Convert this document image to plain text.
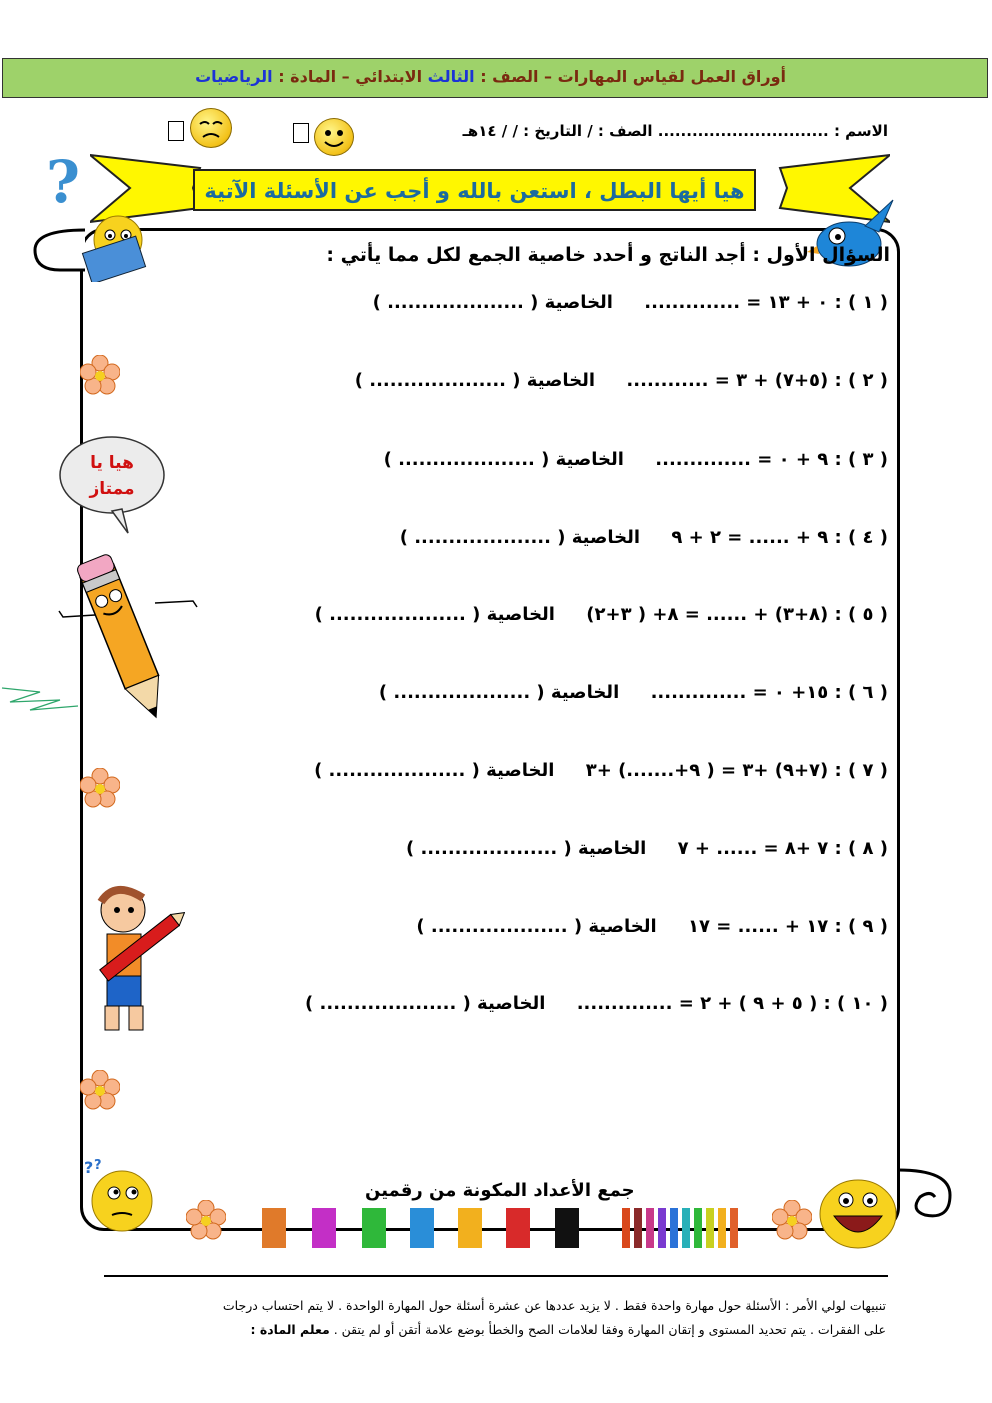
أوراق العمل لقياس المهارات – الصف : الثالث الابتدائي – المادة : الرياضيات
الاسم : .............................. الصف : / التاريخ : / / ١٤هـ
هيا أيها البطل ، استعن بالله و أجب عن الأسئلة الآتية
?
السؤال الأول : أجد الناتج و أحدد خاصية الجمع لكل مما يأتي :
( ١ ) : ٠ + ١٣ = ..............     الخاصية ( .................... )
( ٢ ) : (٥+٧) + ٣ = ............     الخاصية ( .................... )
( ٣ ) : ٩ + ٠ = ..............     الخاصية ( .................... )
( ٤ ) : ٩ + ...... = ٢ + ٩     الخاصية ( .................... )
( ٥ ) : (٨+٣) + ...... = ٨+ ( ٣+٢)     الخاصية ( .................... )
( ٦ ) : ١٥+ ٠ = ..............     الخاصية ( .................... )
( ٧ ) : (٧+٩) +٣ = ( ٩+.......) +٣     الخاصية ( .................... )
( ٨ ) : ٧ +٨ = ...... + ٧     الخاصية ( .................... )
( ٩ ) : ١٧ + ...... = ١٧     الخاصية ( .................... )
( ١٠ ) : ( ٥ + ٩ ) + ٢ = ..............     الخاصية ( .................... )
هيا يا
ممتاز
? ?
جمع الأعداد المكونة من رقمين
تنبيهات لولي الأمر : الأسئلة حول مهارة واحدة فقط . لا يزيد عددها عن عشرة أسئلة حول المهارة الواحدة . لا يتم احتساب درجات
على الفقرات . يتم تحديد المستوى و إتقان المهارة وفقا لعلامات الصح والخطأ بوضع علامة أتقن أو لم يتقن . معلم المادة :
